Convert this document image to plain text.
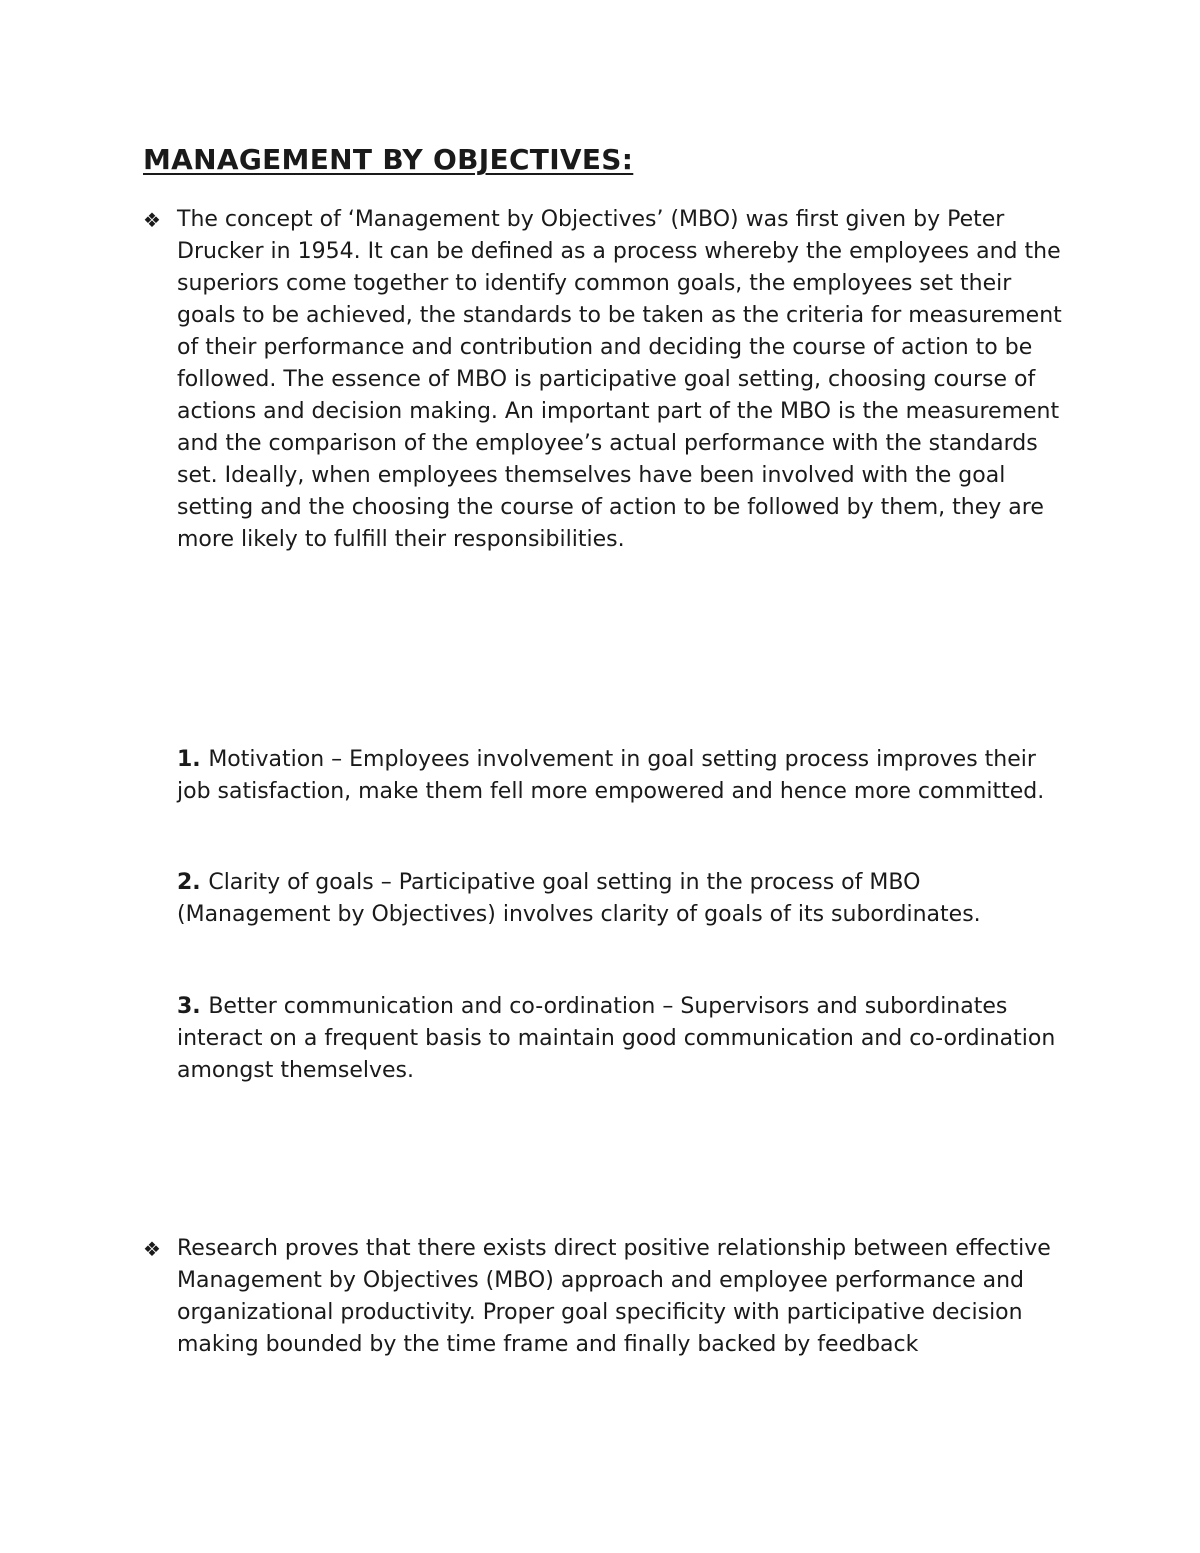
MANAGEMENT BY OBJECTIVES:
❖ The concept of ‘Management by Objectives’ (MBO) was first given by Peter Drucker in 1954. It can be defined as a process whereby the employees and the superiors come together to identify common goals, the employees set their goals to be achieved, the standards to be taken as the criteria for measurement of their performance and contribution and deciding the course of action to be followed. The essence of MBO is participative goal setting, choosing course of actions and decision making. An important part of the MBO is the measurement and the comparison of the employee’s actual performance with the standards set. Ideally, when employees themselves have been involved with the goal setting and the choosing the course of action to be followed by them, they are more likely to fulfill their responsibilities.
1. Motivation – Employees involvement in goal setting process improves their job satisfaction, make them fell more empowered and hence more committed.
2. Clarity of goals – Participative goal setting in the process of MBO (Management by Objectives) involves clarity of goals of its subordinates.
3. Better communication and co-ordination – Supervisors and subordinates interact on a frequent basis to maintain good communication and co-ordination amongst themselves.
❖ Research proves that there exists direct positive relationship between effective Management by Objectives (MBO) approach and employee performance and organizational productivity. Proper goal specificity with participative decision making bounded by the time frame and finally backed by feedback
